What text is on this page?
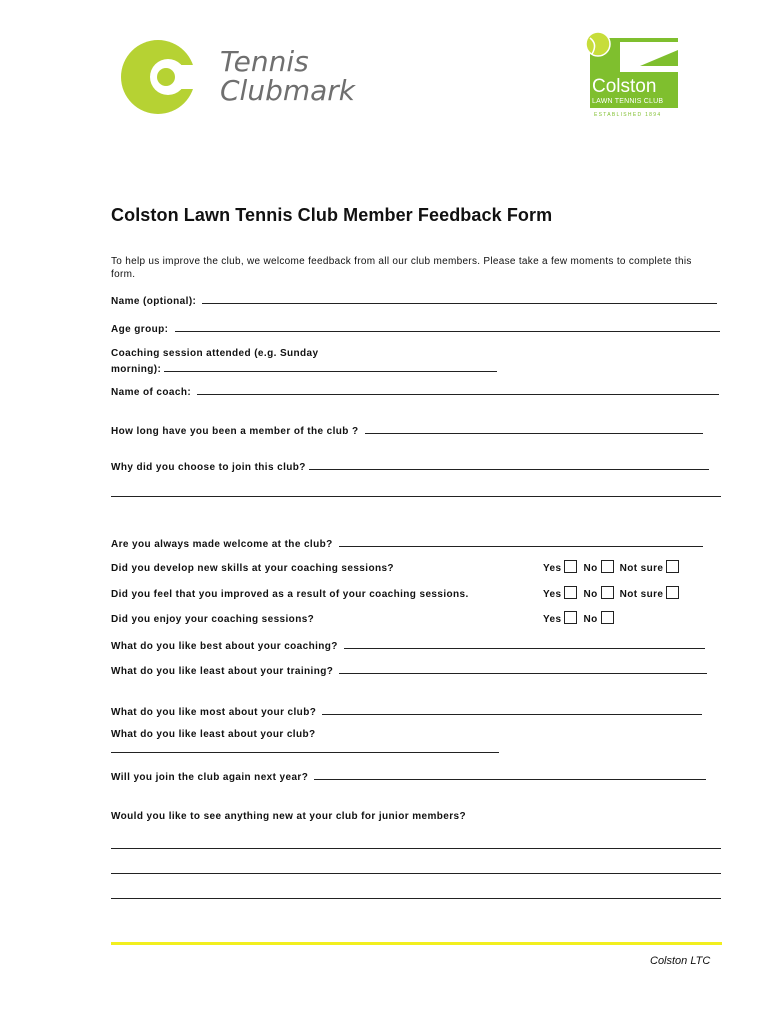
Tennis
Clubmark	Colston
LAWN TENNIS CLUB
ESTABLISHED 1894
Colston Lawn Tennis Club Member Feedback Form
To help us improve the club, we welcome feedback from all our club members. Please take a few moments to complete this form.
Name (optional):
Age group:
Coaching session attended (e.g. Sunday
morning):
Name of coach:
How long have you been a member of the club ?
Why did you choose to join this club?
Are you always made welcome at the club?
Did you develop new skills at your coaching sessions?	Yes No Not sure
Did you feel that you improved as a result of your coaching sessions.	Yes No Not sure
Did you enjoy your coaching sessions?	Yes No
What do you like best about your coaching?
What do you like least about your training?
What do you like most about your club?
What do you like least about your club?
Will you join the club again next year?
Would you like to see anything new at your club for junior members?
Colston LTC
